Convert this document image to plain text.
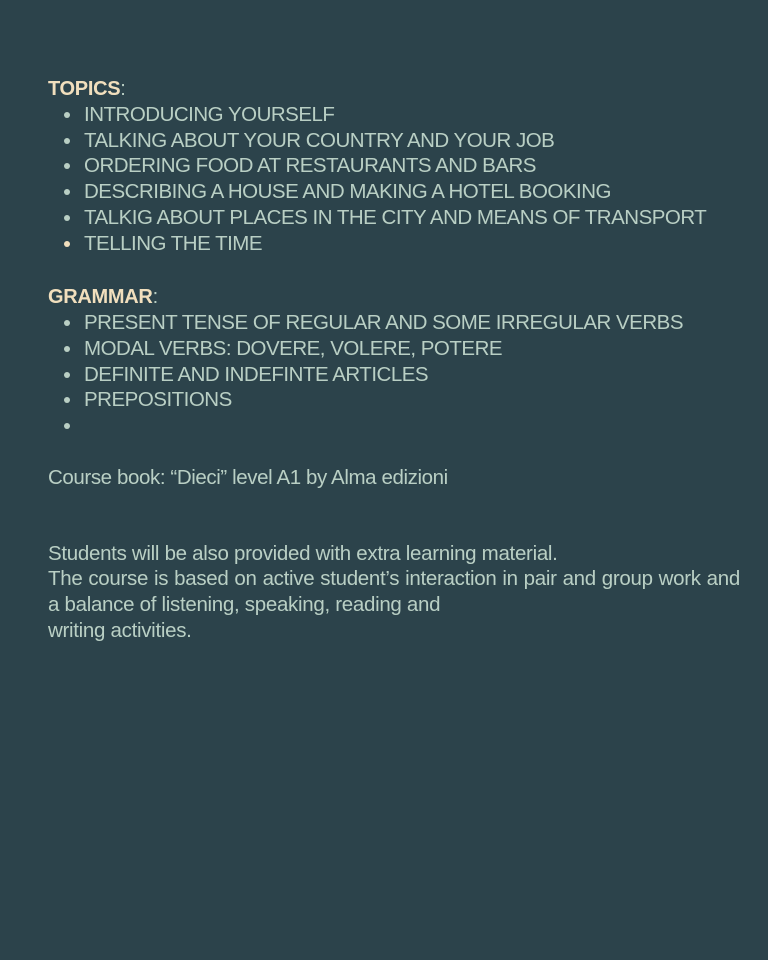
TOPICS:
INTRODUCING YOURSELF
TALKING ABOUT YOUR COUNTRY AND YOUR JOB
ORDERING FOOD AT RESTAURANTS AND BARS
DESCRIBING A HOUSE AND MAKING A HOTEL BOOKING
TALKIG ABOUT PLACES IN THE CITY AND MEANS OF TRANSPORT
TELLING THE TIME
GRAMMAR:
PRESENT TENSE OF REGULAR AND SOME IRREGULAR VERBS
MODAL VERBS: DOVERE, VOLERE, POTERE
DEFINITE AND INDEFINTE ARTICLES
PREPOSITIONS
Course book: “Dieci” level A1 by Alma edizioni

Students will be also provided with extra learning material.

The course is based on active student’s interaction in pair and group work and a balance of listening, speaking, reading and

writing activities.
